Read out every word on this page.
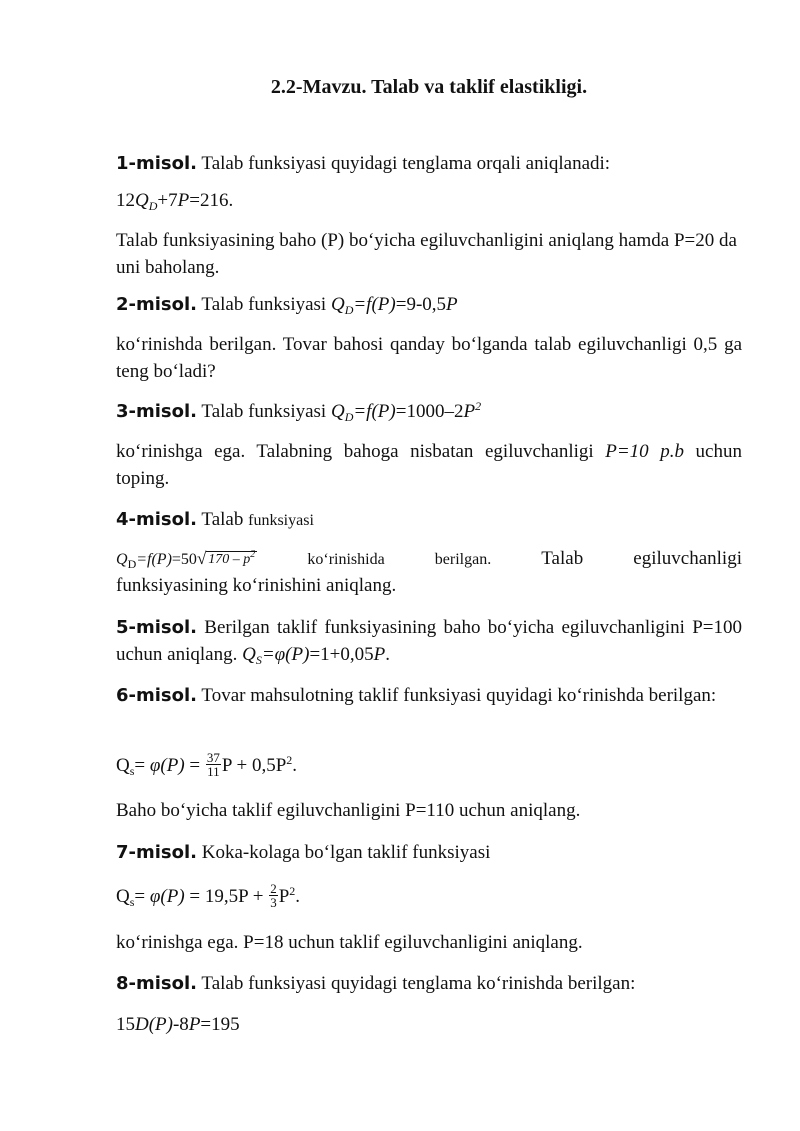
2.2-Mavzu. Talab va taklif elastikligi.

1-misol. Talab funksiyasi quyidagi tenglama orqali aniqlanadi:

$12Q_D+7P=216$.

Talab funksiyasining baho (P) bo‘yicha egiluvchanligini aniqlang hamda P=20 da uni baholang.

2-misol. Talab funksiyasi $Q_D=f(P)=9-0,5P$

ko‘rinishda berilgan. Tovar bahosi qanday bo‘lganda talab egiluvchanligi 0,5 ga teng bo‘ladi?

3-misol. Talab funksiyasi $Q_D=f(P)=1000-2P^2$

ko‘rinishga ega. Talabning bahoga nisbatan egiluvchanligi P=10 p.b uchun toping.

4-misol. Talab funksiyasi

$Q_D=f(P)=50$ √ $170 - p^2$	ko‘rinishida	berilgan.	Talab	egiluvchanligi

funksiyasining ko‘rinishini aniqlang.

5-misol. Berilgan taklif funksiyasining baho bo‘yicha egiluvchanligini P=100 uchun aniqlang. $Q_S=\varphi(P)=1+0,05P$.

6-misol. Tovar mahsulotning taklif funksiyasi quyidagi ko‘rinishda berilgan:

$Q_s= \varphi(P) = \frac{37}{11}$ $P + 0,5P^2$.

Baho bo‘yicha taklif egiluvchanligini P=110 uchun aniqlang.

7-misol. Koka-kolaga bo‘lgan taklif funksiyasi

$Q_s= \varphi(P) = 19,5P + \frac{2}{3} P^2$.

ko‘rinishga ega. P=18 uchun taklif egiluvchanligini aniqlang.

8-misol. Talab funksiyasi quyidagi tenglama ko‘rinishda berilgan:

15D(P)-8P=195
